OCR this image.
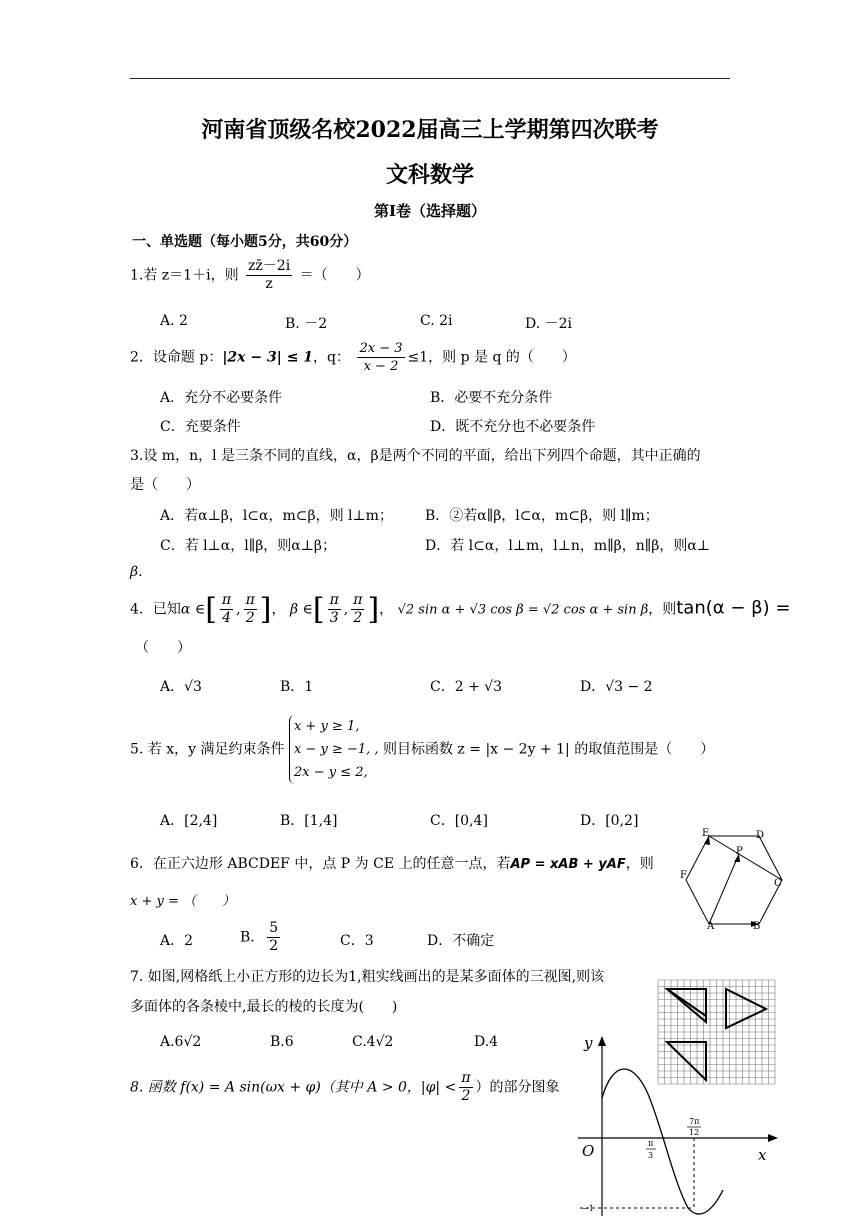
河南省顶级名校2022届高三上学期第四次联考
文科数学
第Ⅰ卷（选择题）
一、单选题（每小题5分，共60分）
1.若 z＝1＋i，则 $\frac{zz̄-2i}{z}$ ＝（　　）
A. 2	B. －2	C. 2i	D. －2i
2．设命题 p：|2x − 3| ≤ 1，q： $\frac{2x - 3}{x - 2} \le 1$，则 p 是 q 的（　　）
A．充分不必要条件	B．必要不充分条件
C．充要条件	D．既不充分也不必要条件
3.设 m，n，l 是三条不同的直线，α，β是两个不同的平面，给出下列四个命题，其中正确的
是（　　）
A．若α⊥β，l⊂α，m⊂β，则 l⊥m； B．②若α∥β，l⊂α，m⊂β，则 l∥m；
C．若 l⊥α，l∥β，则α⊥β；	D．若 l⊂α，l⊥m，l⊥n，m∥β，n∥β，则α⊥
β.
4．已知α ∈[ $\frac{\pi}{4}$ , $\frac{\pi}{2}$ ]， β ∈[ $\frac{\pi}{3}$ , $\frac{\pi}{2}$ ]， √2 sin α + √3 cos β = √2 cos α + sin β，则tan(α − β) =
（　　）
A．√3	B．1	C．2 + √3	D．√3 − 2
5. 若 x，y 满足约束条件
x + y ≥ 1,
x − y ≥ −1, ,
2x − y ≤ 2,
则目标函数 z = |x − 2y + 1| 的取值范围是（　　）
A．[2,4]	B．[1,4]	C．[0,4]	D．[0,2]
6．在正六边形 ABCDEF 中，点 P 为 CE 上的任意一点，若AP = xAB + yAF，则
x + y = （　　）
A．2	B． $\frac{5}{2}$	C．3	D．不确定
E	D
P
F
C
A	B
7. 如图,网格纸上小正方形的边长为1,粗实线画出的是某多面体的三视图,则该
多面体的各条棱中,最长的棱的长度为(　　)
A.6√2	B.6	C.4√2	D.4
8. 函数 f(x) = A sin(ωx + φ)（其中 A > 0，$|\varphi| < \frac{\pi}{2}$ ）的部分图象
y
x
O	π
3
7π
12
−1
